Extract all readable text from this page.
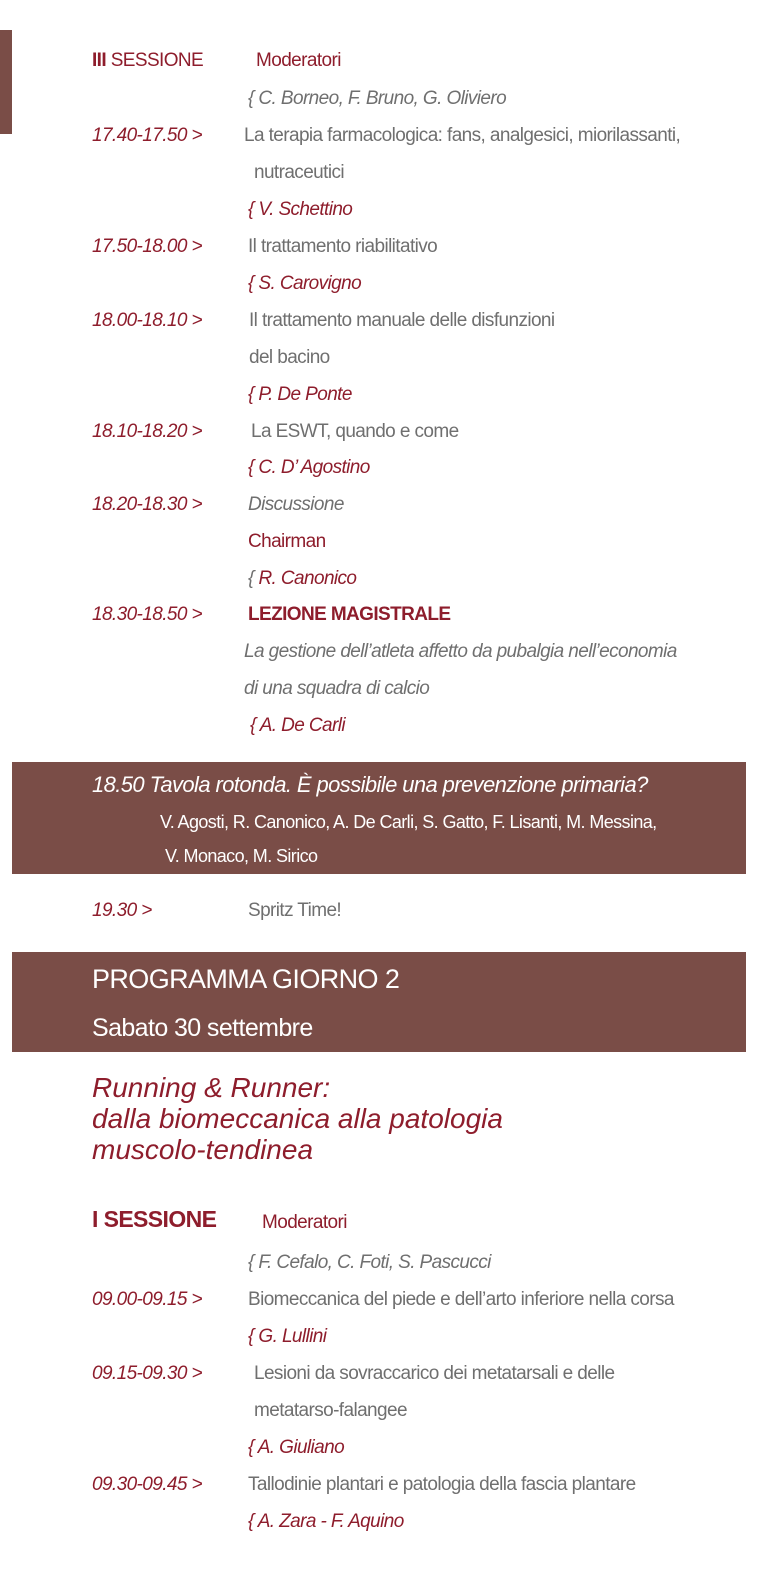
III SESSIONE	Moderatori
{ C. Borneo, F. Bruno, G. Oliviero
17.40-17.50 > La terapia farmacologica: fans, analgesici, miorilassanti,
nutraceutici
{ V. Schettino
17.50-18.00 > Il trattamento riabilitativo
{ S. Carovigno
18.00-18.10 > Il trattamento manuale delle disfunzioni
del bacino
{ P. De Ponte
18.10-18.20 >	La ESWT, quando e come
{ C. D’ Agostino
18.20-18.30 > Discussione
Chairman
{ R. Canonico
18.30-18.50 > LEZIONE MAGISTRALE
La gestione dell’atleta affetto da pubalgia nell’economia
di una squadra di calcio
{ A. De Carli
18.50 Tavola rotonda. È possibile una prevenzione primaria?
V. Agosti, R. Canonico, A. De Carli, S. Gatto, F. Lisanti, M. Messina,
V. Monaco, M. Sirico
19.30 >	Spritz Time!
PROGRAMMA GIORNO 2
Sabato 30 settembre
Running & Runner:
dalla biomeccanica alla patologia
muscolo-tendinea
I SESSIONE Moderatori
{ F. Cefalo, C. Foti, S. Pascucci
09.00-09.15 > Biomeccanica del piede e dell’arto inferiore nella corsa
{ G. Lullini
09.15-09.30 >	Lesioni da sovraccarico dei metatarsali e delle
metatarso-falangee
{ A. Giuliano
09.30-09.45 > Tallodinie plantari e patologia della fascia plantare
{ A. Zara - F. Aquino
